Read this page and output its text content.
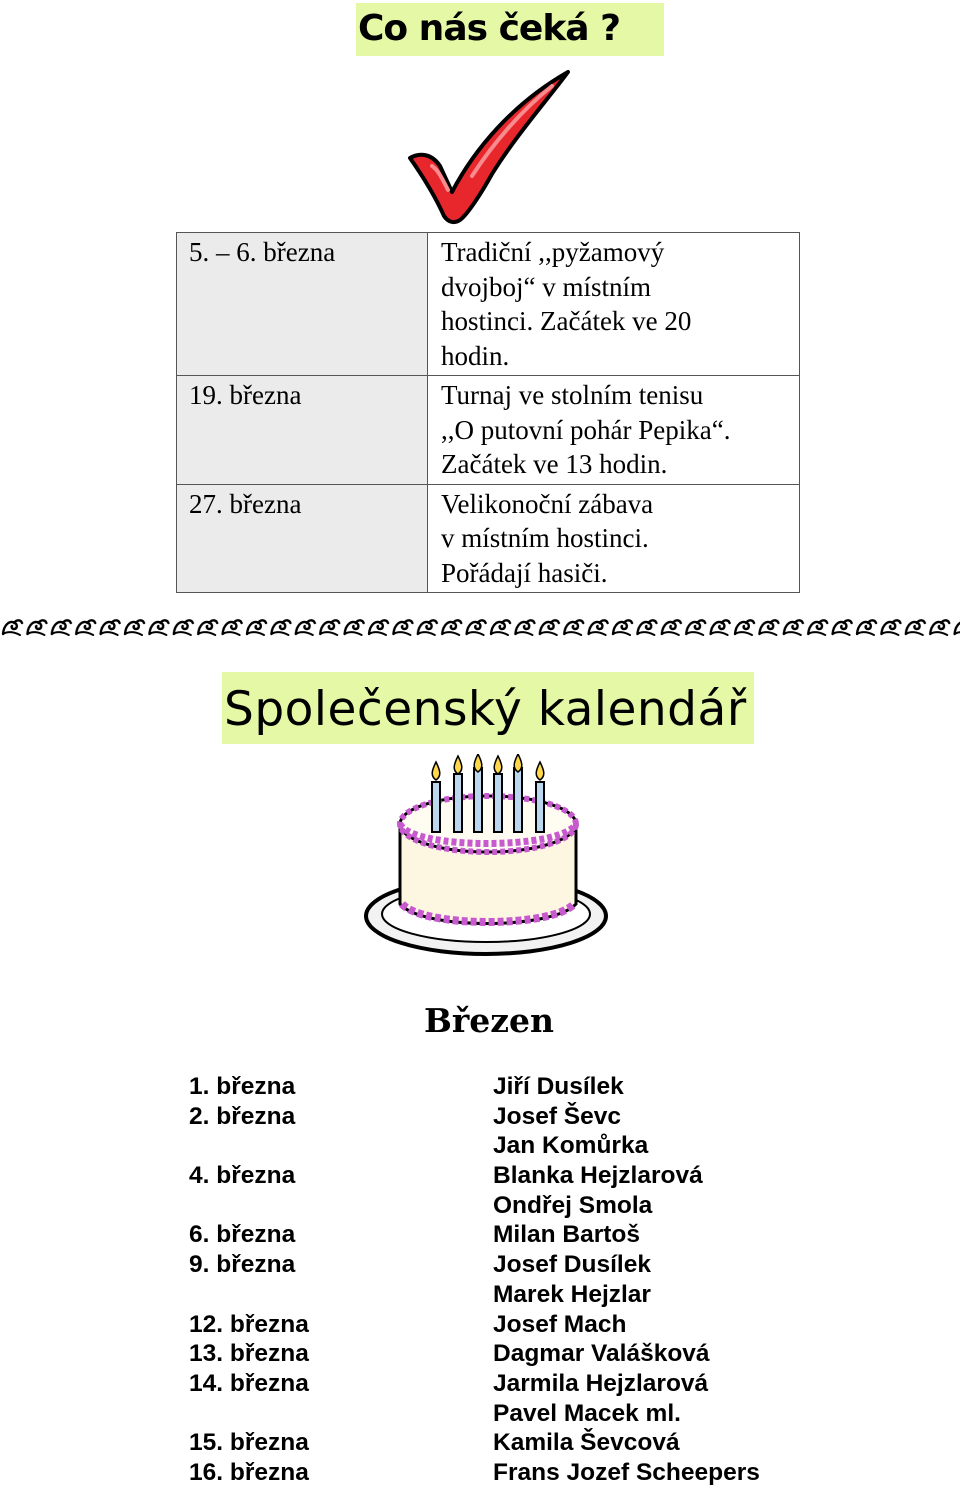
Co nás čeká ?
5. – 6. března	Tradiční ,,pyžamový
dvojboj“ v místním
hostinci. Začátek ve 20
hodin.

19. března	Turnaj ve stolním tenisu
,,O putovní pohár Pepika“.
Začátek ve 13 hodin.

27. března	Velikonoční zábava
v místním hostinci.
Pořádají hasiči.
Společenský kalendář
Březen
1. března	Jiří Dusílek
2. března	Josef Ševc
Jan Komůrka
4. března	Blanka Hejzlarová
Ondřej Smola
6. března	Milan Bartoš
9. března	Josef Dusílek
Marek Hejzlar
12. března	Josef Mach
13. března	Dagmar Valášková
14. března	Jarmila Hejzlarová
Pavel Macek ml.
15. března	Kamila Ševcová
16. března	Frans Jozef Scheepers
